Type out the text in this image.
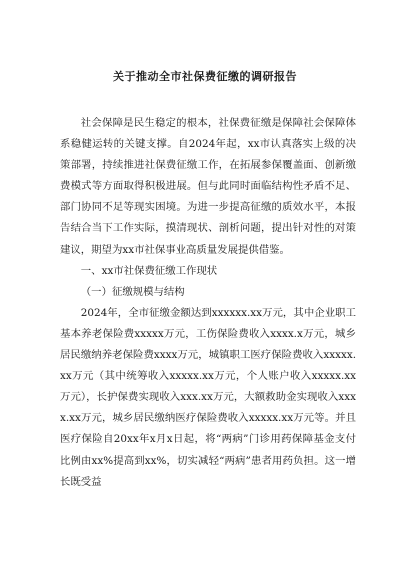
关于推动全市社保费征缴的调研报告

社会保障是民生稳定的根本，社保费征缴是保障社会保障体系稳健运转的关键支撑。自2024年起，xx市认真落实上级的决策部署，持续推进社保费征缴工作，在拓展参保覆盖面、创新缴费模式等方面取得积极进展。但与此同时面临结构性矛盾不足、部门协同不足等现实困境。为进一步提高征缴的质效水平，本报告结合当下工作实际，摸清现状、剖析问题，提出针对性的对策建议，期望为xx市社保事业高质量发展提供借鉴。

一、xx市社保费征缴工作现状

（一）征缴规模与结构

2024年，全市征缴金额达到xxxxxx.xx万元，其中企业职工基本养老保险费xxxxx万元，工伤保险费收入xxxx.x万元，城乡居民缴纳养老保险费xxxx万元，城镇职工医疗保险费收入xxxxx.xx万元（其中统筹收入xxxxx.xx万元，个人账户收入xxxxx.xx万元），长护保费实现收入xxx.xx万元，大额救助金实现收入xxxx.xx万元，城乡居民缴纳医疗保险费收入xxxxx.xx万元等。并且医疗保险自20xx年x月x日起，将“两病”门诊用药保障基金支付比例由xx%提高到xx%，切实减轻“两病”患者用药负担。这一增长既受益
